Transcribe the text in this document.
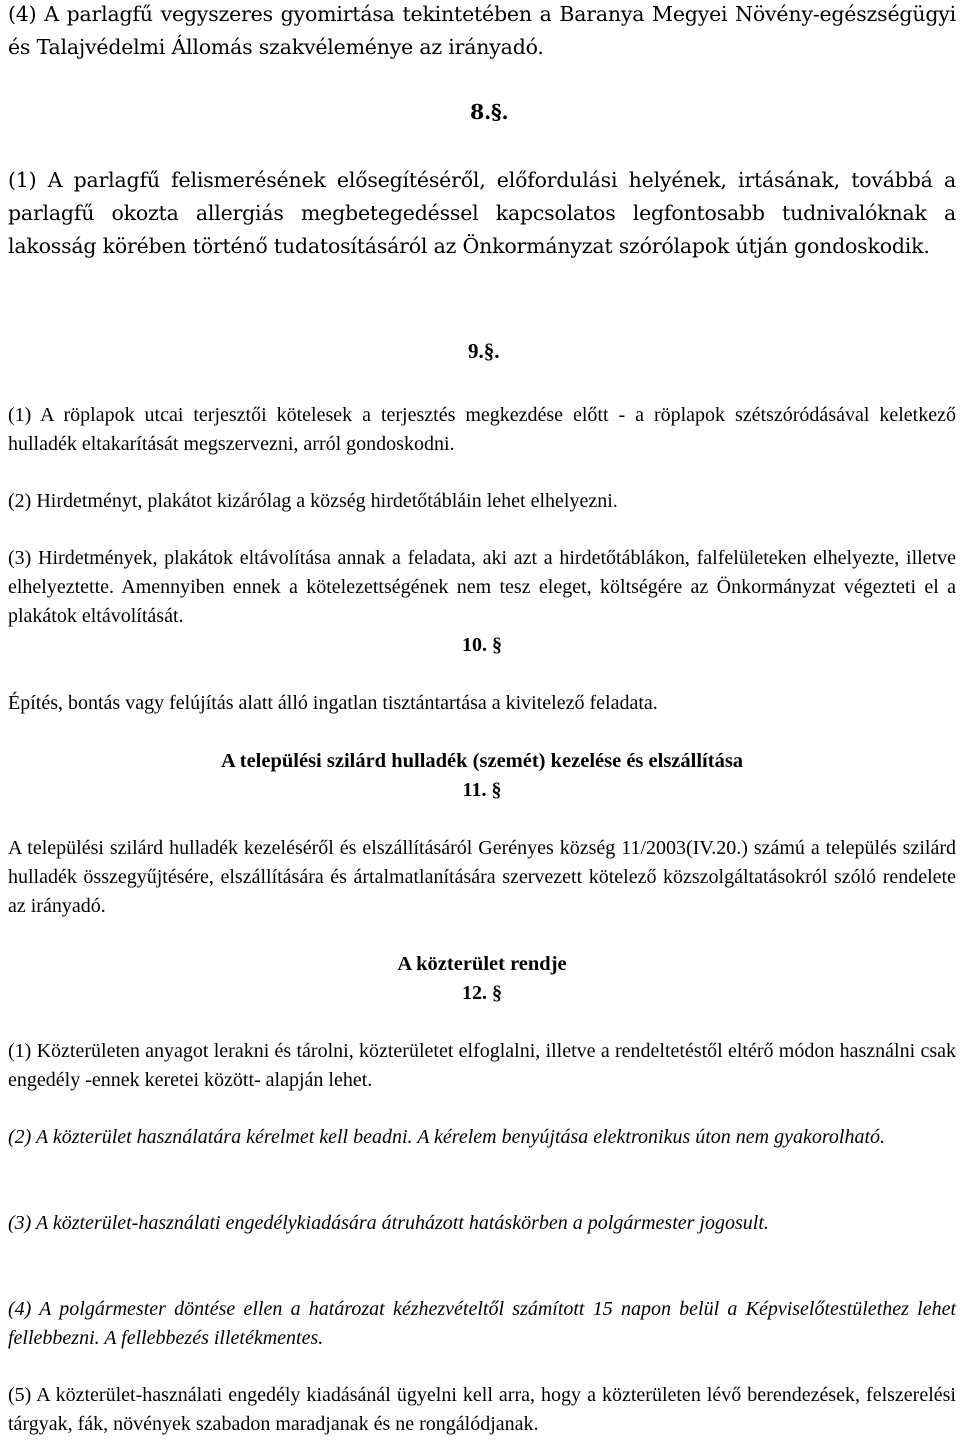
(4) A parlagfű vegyszeres gyomirtása tekintetében a Baranya Megyei Növény-egészségügyi és Talajvédelmi Állomás szakvéleménye az irányadó.

8.§.

(1) A parlagfű felismerésének elősegítéséről, előfordulási helyének, irtásának, továbbá a parlagfű okozta allergiás megbetegedéssel kapcsolatos legfontosabb tudnivalóknak a lakosság körében történő tudatosításáról az Önkormányzat szórólapok útján gondoskodik.

9.§.

(1) A röplapok utcai terjesztői kötelesek a terjesztés megkezdése előtt - a röplapok szétszóródásával keletkező hulladék eltakarítását megszervezni, arról gondoskodni.

(2) Hirdetményt, plakátot kizárólag a község hirdetőtábláin lehet elhelyezni.

(3) Hirdetmények, plakátok eltávolítása annak a feladata, aki azt a hirdetőtáblákon, falfelületeken elhelyezte, illetve elhelyeztette. Amennyiben ennek a kötelezettségének nem tesz eleget, költségére az Önkormányzat végezteti el a plakátok eltávolítását.

10. §

Építés, bontás vagy felújítás alatt álló ingatlan tisztántartása a kivitelező feladata.

A települési szilárd hulladék (szemét) kezelése és elszállítása
11. §

A települési szilárd hulladék kezeléséről és elszállításáról Gerényes község 11/2003(IV.20.) számú a település szilárd hulladék összegyűjtésére, elszállítására és ártalmatlanítására szervezett kötelező közszolgáltatásokról szóló rendelete az irányadó.

A közterület rendje
12. §

(1) Közterületen anyagot lerakni és tárolni, közterületet elfoglalni, illetve a rendeltetéstől eltérő módon használni csak engedély -ennek keretei között- alapján lehet.

(2) A közterület használatára kérelmet kell beadni. A kérelem benyújtása elektronikus úton nem gyakorolható.

(3) A közterület-használati engedélykiadására átruházott hatáskörben a polgármester jogosult.

(4) A polgármester döntése ellen a határozat kézhezvételtől számított 15 napon belül a Képviselőtestülethez lehet fellebbezni. A fellebbezés illetékmentes.

(5) A közterület-használati engedély kiadásánál ügyelni kell arra, hogy a közterületen lévő berendezések, felszerelési tárgyak, fák, növények szabadon maradjanak és ne rongálódjanak.
